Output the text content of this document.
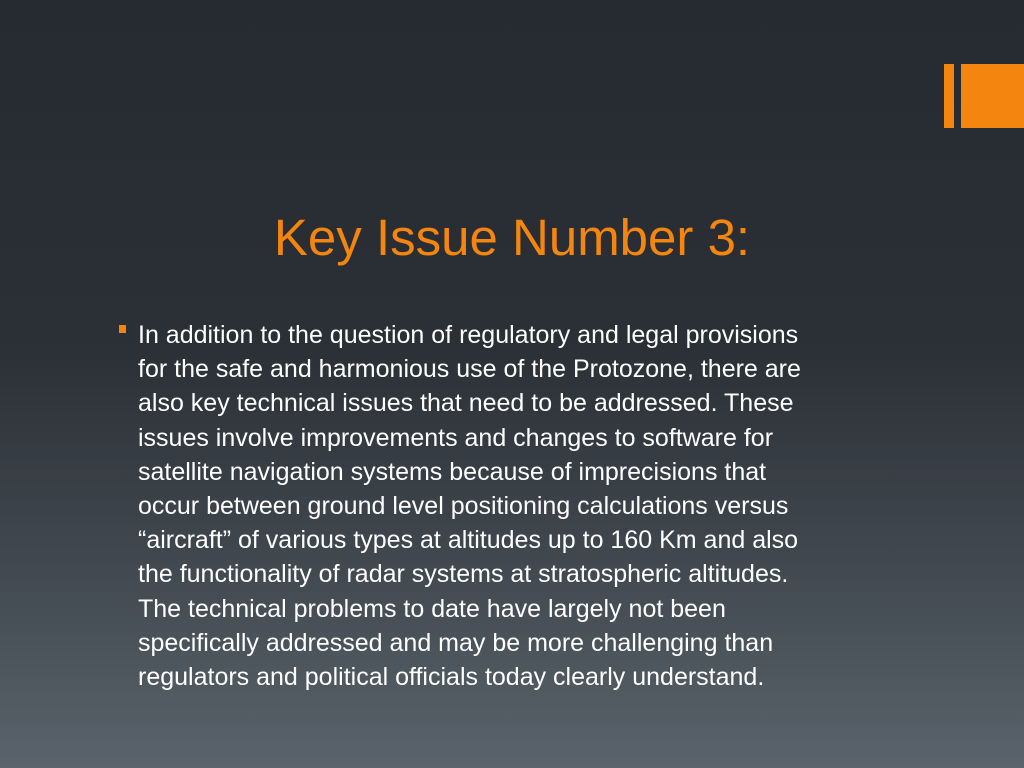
Key Issue Number 3:

In addition to the question of regulatory and legal provisions
for the safe and harmonious use of the Protozone, there are
also key technical issues that need to be addressed. These
issues involve improvements and changes to software for
satellite navigation systems because of imprecisions that
occur between ground level positioning calculations versus
“aircraft” of various types at altitudes up to 160 Km and also
the functionality of radar systems at stratospheric altitudes.
The technical problems to date have largely not been
specifically addressed and may be more challenging than
regulators and political officials today clearly understand.
